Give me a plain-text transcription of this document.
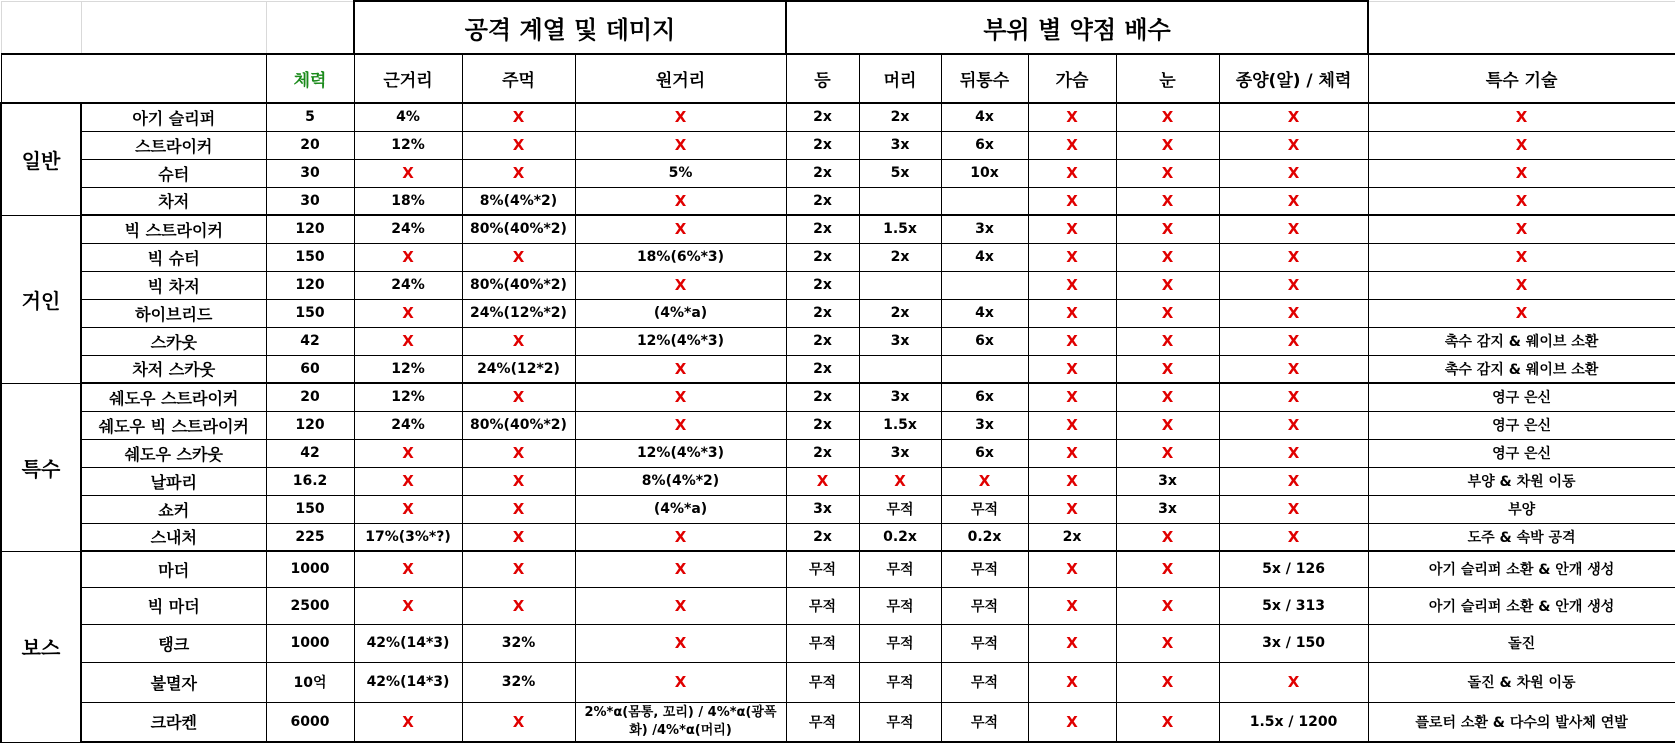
			공격 계열 및 데미지			부위 별 약점 배수						
		체력	근거리	주먹	원거리	등	머리	뒤통수	가슴	눈	종양(알) / 체력	특수 기술
일반	아기 슬리퍼	5	4%	X	X	2x	2x	4x	X	X	X	X
	스트라이커	20	12%	X	X	2x	3x	6x	X	X	X	X
	슈터	30	X	X	5%	2x	5x	10x	X	X	X	X
	차저	30	18%	8%(4%*2)	X	2x			X	X	X	X
거인	빅 스트라이커	120	24%	80%(40%*2)	X	2x	1.5x	3x	X	X	X	X
	빅 슈터	150	X	X	18%(6%*3)	2x	2x	4x	X	X	X	X
	빅 차저	120	24%	80%(40%*2)	X	2x			X	X	X	X
	하이브리드	150	X	24%(12%*2)	(4%*a)	2x	2x	4x	X	X	X	X
	스카웃	42	X	X	12%(4%*3)	2x	3x	6x	X	X	X	촉수 감지 & 웨이브 소환
	차저 스카웃	60	12%	24%(12*2)	X	2x			X	X	X	촉수 감지 & 웨이브 소환
특수	쉐도우 스트라이커	20	12%	X	X	2x	3x	6x	X	X	X	영구 은신
	쉐도우 빅 스트라이커	120	24%	80%(40%*2)	X	2x	1.5x	3x	X	X	X	영구 은신
	쉐도우 스카웃	42	X	X	12%(4%*3)	2x	3x	6x	X	X	X	영구 은신
	날파리	16.2	X	X	8%(4%*2)	X	X	X	X	3x	X	부양 & 차원 이동
	쇼커	150	X	X	(4%*a)	3x	무적	무적	X	3x	X	부양
	스내처	225	17%(3%*?)	X	X	2x	0.2x	0.2x	2x	X	X	도주 & 속박 공격
보스	마더	1000	X	X	X	무적	무적	무적	X	X	5x / 126	아기 슬리퍼 소환 & 안개 생성
	빅 마더	2500	X	X	X	무적	무적	무적	X	X	5x / 313	아기 슬리퍼 소환 & 안개 생성
	탱크	1000	42%(14*3)	32%	X	무적	무적	무적	X	X	3x / 150	돌진
	불멸자	10억	42%(14*3)	32%	X	무적	무적	무적	X	X	X	돌진 & 차원 이동
	크라켄	6000	X	X	2%*α(몸통, 꼬리) / 4%*α(광폭화) /4%*α(머리)	무적	무적	무적	X	X	1.5x / 1200	플로터 소환 & 다수의 발사체 연발
